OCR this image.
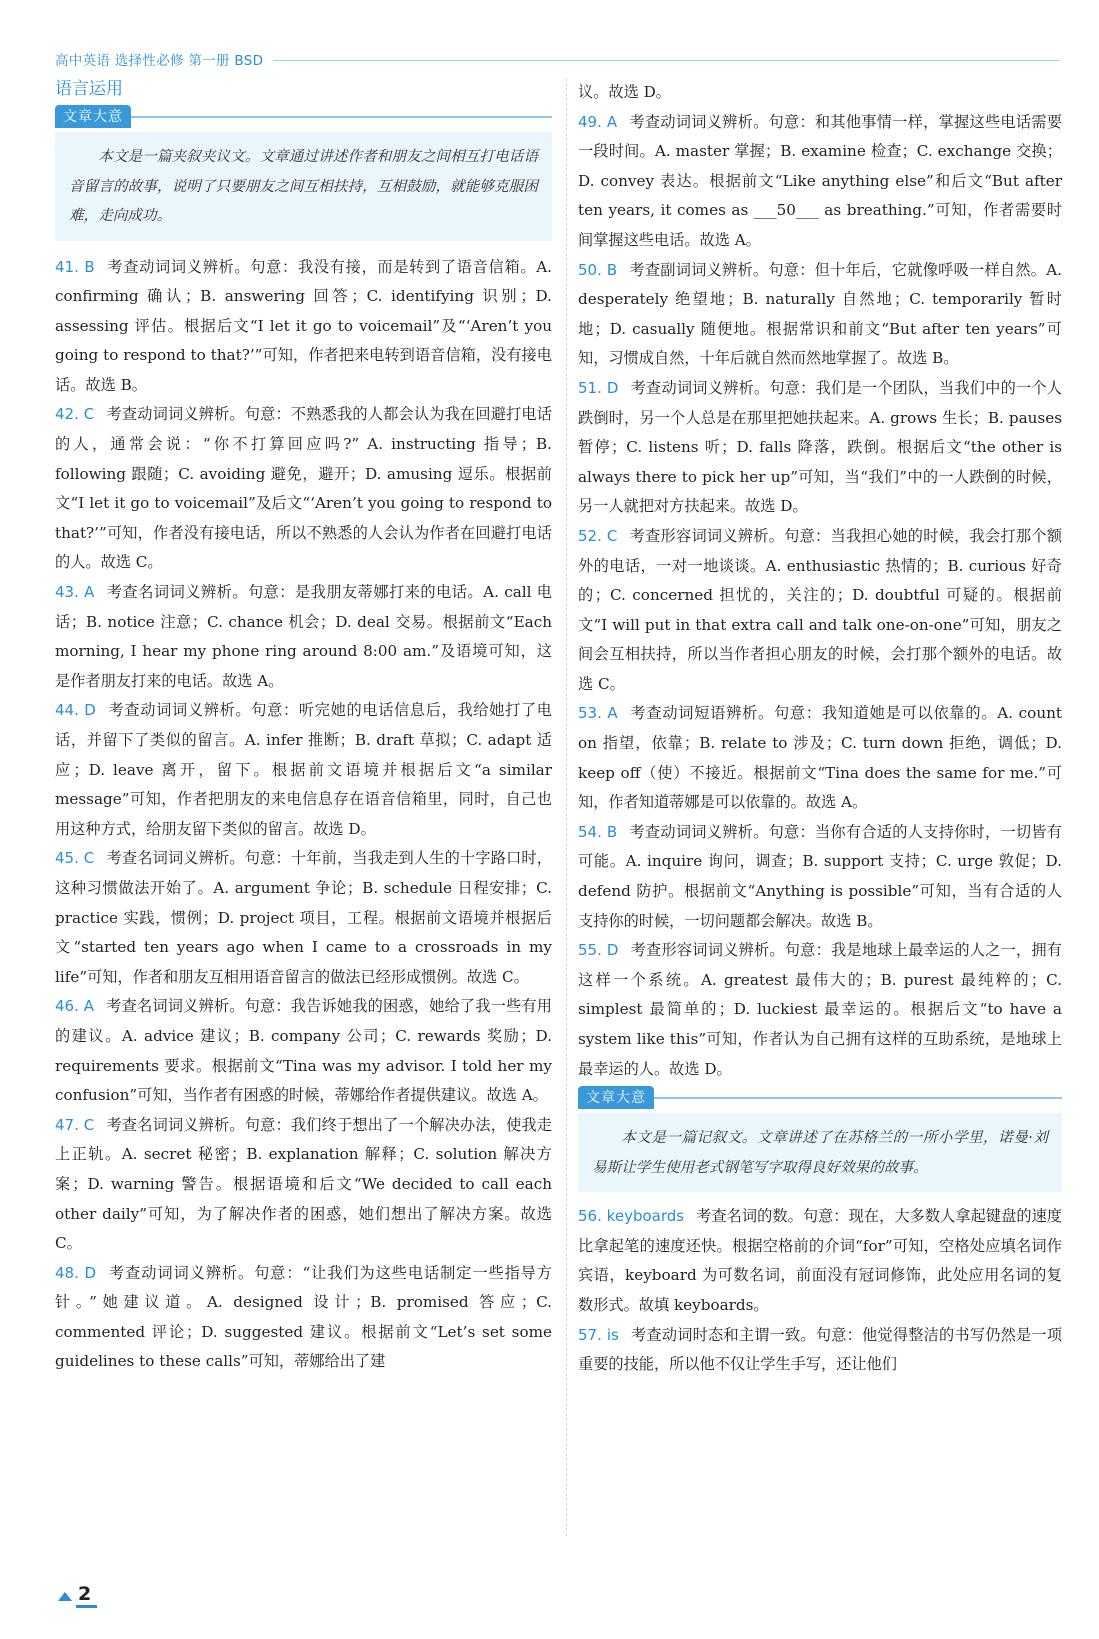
高中英语 选择性必修 第一册 BSD
语言运用
文章大意
本文是一篇夹叙夹议文。文章通过讲述作者和朋友之间相互打电话语音留言的故事，说明了只要朋友之间互相扶持，互相鼓励，就能够克服困难，走向成功。

41. B 考查动词词义辨析。句意：我没有接，而是转到了语音信箱。A. confirming 确认；B. answering 回答；C. identifying 识别；D. assessing 评估。根据后文“I let it go to voicemail”及“‘Aren’t you going to respond to that?’”可知，作者把来电转到语音信箱，没有接电话。故选 B。

42. C 考查动词词义辨析。句意：不熟悉我的人都会认为我在回避打电话的人，通常会说：“你不打算回应吗?” A. instructing 指导；B. following 跟随；C. avoiding 避免，避开；D. amusing 逗乐。根据前文“I let it go to voicemail”及后文“‘Aren’t you going to respond to that?’”可知，作者没有接电话，所以不熟悉的人会认为作者在回避打电话的人。故选 C。

43. A 考查名词词义辨析。句意：是我朋友蒂娜打来的电话。A. call 电话；B. notice 注意；C. chance 机会；D. deal 交易。根据前文“Each morning, I hear my phone ring around 8:00 am.”及语境可知，这是作者朋友打来的电话。故选 A。

44. D 考查动词词义辨析。句意：听完她的电话信息后，我给她打了电话，并留下了类似的留言。A. infer 推断；B. draft 草拟；C. adapt 适应；D. leave 离开，留下。根据前文语境并根据后文“a similar message”可知，作者把朋友的来电信息存在语音信箱里，同时，自己也用这种方式，给朋友留下类似的留言。故选 D。

45. C 考查名词词义辨析。句意：十年前，当我走到人生的十字路口时，这种习惯做法开始了。A. argument 争论；B. schedule 日程安排；C. practice 实践，惯例；D. project 项目，工程。根据前文语境并根据后文“started ten years ago when I came to a crossroads in my life”可知，作者和朋友互相用语音留言的做法已经形成惯例。故选 C。

46. A 考查名词词义辨析。句意：我告诉她我的困惑，她给了我一些有用的建议。A. advice 建议；B. company 公司；C. rewards 奖励；D. requirements 要求。根据前文“Tina was my advisor. I told her my confusion”可知，当作者有困惑的时候，蒂娜给作者提供建议。故选 A。

47. C 考查名词词义辨析。句意：我们终于想出了一个解决办法，使我走上正轨。A. secret 秘密；B. explanation 解释；C. solution 解决方案；D. warning 警告。根据语境和后文“We decided to call each other daily”可知，为了解决作者的困惑，她们想出了解决方案。故选 C。

48. D 考查动词词义辨析。句意：“让我们为这些电话制定一些指导方针。”她建议道。A. designed 设计；B. promised 答应；C. commented 评论；D. suggested 建议。根据前文“Let’s set some guidelines to these calls”可知，蒂娜给出了建

议。故选 D。

49. A 考查动词词义辨析。句意：和其他事情一样，掌握这些电话需要一段时间。A. master 掌握；B. examine 检查；C. exchange 交换；D. convey 表达。根据前文“Like anything else”和后文“But after ten years, it comes as ___50___ as breathing.”可知，作者需要时间掌握这些电话。故选 A。

50. B 考查副词词义辨析。句意：但十年后，它就像呼吸一样自然。A. desperately 绝望地；B. naturally 自然地；C. temporarily 暂时地；D. casually 随便地。根据常识和前文“But after ten years”可知，习惯成自然，十年后就自然而然地掌握了。故选 B。

51. D 考查动词词义辨析。句意：我们是一个团队，当我们中的一个人跌倒时，另一个人总是在那里把她扶起来。A. grows 生长；B. pauses 暂停；C. listens 听；D. falls 降落，跌倒。根据后文“the other is always there to pick her up”可知，当“我们”中的一人跌倒的时候，另一人就把对方扶起来。故选 D。

52. C 考查形容词词义辨析。句意：当我担心她的时候，我会打那个额外的电话，一对一地谈谈。A. enthusiastic 热情的；B. curious 好奇的；C. concerned 担忧的，关注的；D. doubtful 可疑的。根据前文“I will put in that extra call and talk one-on-one”可知，朋友之间会互相扶持，所以当作者担心朋友的时候，会打那个额外的电话。故选 C。

53. A 考查动词短语辨析。句意：我知道她是可以依靠的。A. count on 指望，依靠；B. relate to 涉及；C. turn down 拒绝，调低；D. keep off（使）不接近。根据前文“Tina does the same for me.”可知，作者知道蒂娜是可以依靠的。故选 A。

54. B 考查动词词义辨析。句意：当你有合适的人支持你时，一切皆有可能。A. inquire 询问，调查；B. support 支持；C. urge 敦促；D. defend 防护。根据前文“Anything is possible”可知，当有合适的人支持你的时候，一切问题都会解决。故选 B。

55. D 考查形容词词义辨析。句意：我是地球上最幸运的人之一，拥有这样一个系统。A. greatest 最伟大的；B. purest 最纯粹的；C. simplest 最简单的；D. luckiest 最幸运的。根据后文“to have a system like this”可知，作者认为自己拥有这样的互助系统，是地球上最幸运的人。故选 D。

文章大意
本文是一篇记叙文。文章讲述了在苏格兰的一所小学里，诺曼·刘易斯让学生使用老式钢笔写字取得良好效果的故事。

56. keyboards 考查名词的数。句意：现在，大多数人拿起键盘的速度比拿起笔的速度还快。根据空格前的介词“for”可知，空格处应填名词作宾语，keyboard 为可数名词，前面没有冠词修饰，此处应用名词的复数形式。故填 keyboards。

57. is 考查动词时态和主谓一致。句意：他觉得整洁的书写仍然是一项重要的技能，所以他不仅让学生手写，还让他们

2
